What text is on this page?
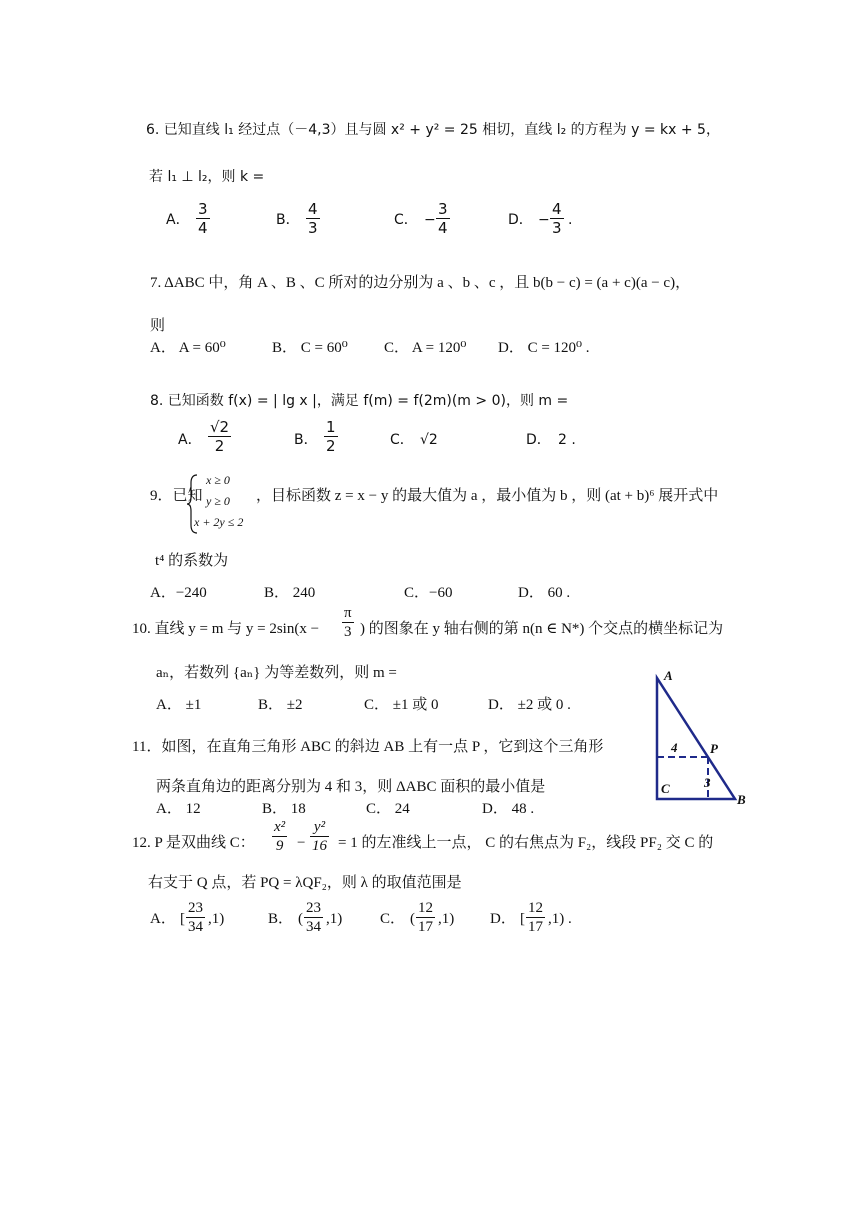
6. 已知直线 l₁ 经过点（－4,3）且与圆 x² + y² = 25 相切，直线 l₂ 的方程为 y = kx + 5，
若 l₁ ⊥ l₂，则 k =
A． $\frac{3}{4}$	B． $\frac{4}{3}$	C． − $\frac{3}{4}$	D． − $\frac{4}{3}$ .
7. ΔABC 中，角 A 、B 、C 所对的边分别为 a 、b 、c ，且 b(b − c) = (a + c)(a − c)，
则
A． A = 60⁰	B． C = 60⁰ C． A = 120⁰ D． C = 120⁰ .
8. 已知函数 f(x) = | lg x |，满足 f(m) = f(2m)(m > 0)，则 m =
A． $\frac{√2}{2}$	B． $\frac{1}{2}$	C． √2	D． 2 .
9．已知
x ≥ 0
y ≥ 0
x + 2y ≤ 2
，目标函数 z = x − y 的最大值为 a ，最小值为 b ，则 (at + b)⁶ 展开式中
t⁴ 的系数为
A．−240	B． 240	C．−60	D． 60 .
10. 直线 y = m 与 $y = 2\sin(x - \frac{\pi}{3}$ ) 的图象在 y 轴右侧的第 n(n ∈ N*) 个交点的横坐标记为
aₙ，若数列 {aₙ} 为等差数列，则 m =
A． ±1	B． ±2	C． ±1 或 0	D． ±2 或 0 .
11．如图，在直角三角形 ABC 的斜边 AB 上有一点 P ，它到这个三角形
两条直角边的距离分别为 4 和 3，则 ΔABC 面积的最小值是
A． 12	B． 18	C． 24	D． 48 .
A
B
C
P
4
3
12. P 是双曲线 C： $\frac{\text{x²}}{9} - \frac{\text{y²}}{16} = 1$ 的左准线上一点， C 的右焦点为 F₂，线段 PF₂ 交 C 的
右支于 Q 点，若 PQ = λQF₂，则 λ 的取值范围是
A． [ $\frac{23}{34} ,1$)	B． ( $\frac{23}{34} ,1$)	C． ( $\frac{12}{17} ,1$) D． [ $\frac{12}{17} ,1$) .
